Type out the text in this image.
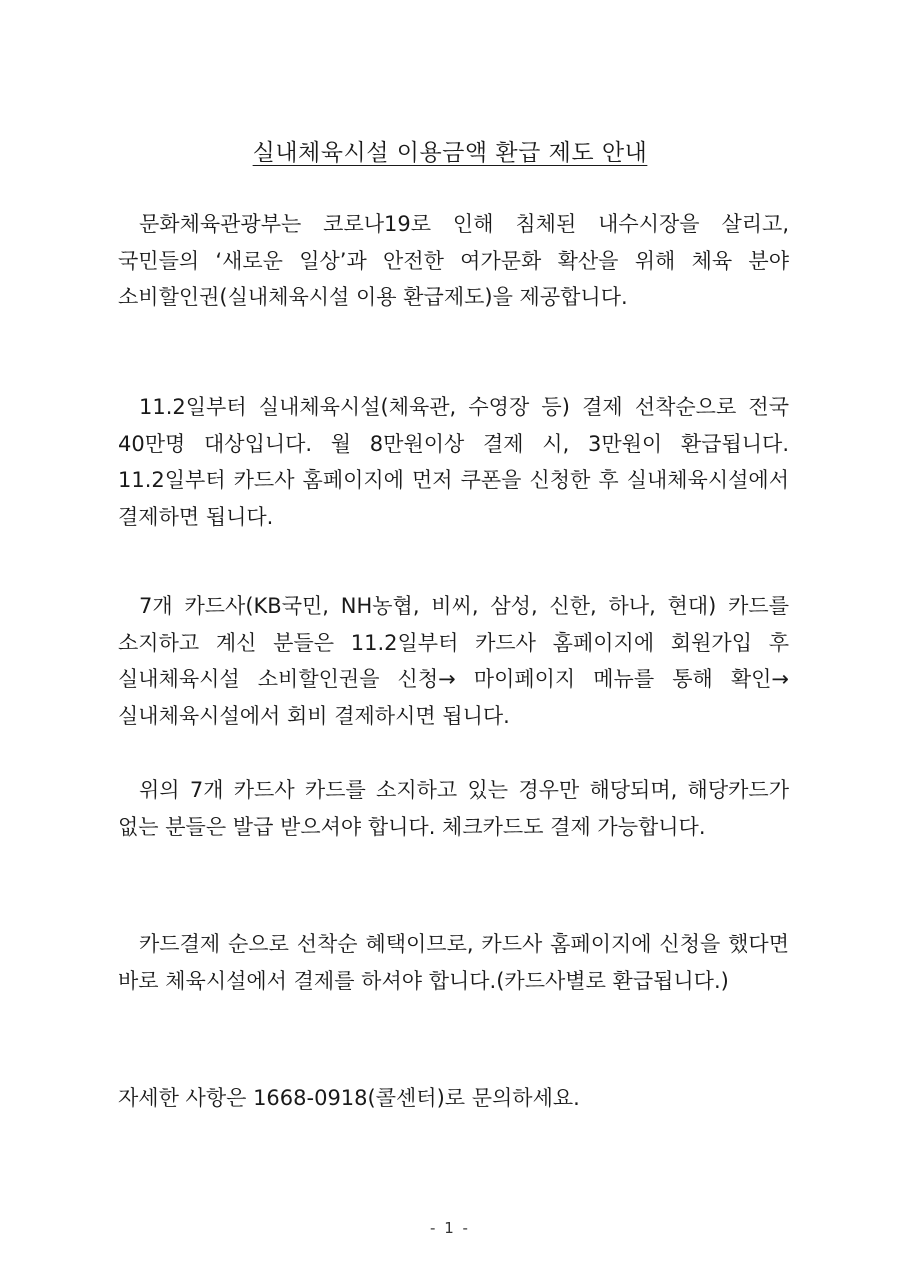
실내체육시설 이용금액 환급 제도 안내

문화체육관광부는 코로나19로 인해 침체된 내수시장을 살리고, 국민들의 ‘새로운 일상’과 안전한 여가문화 확산을 위해 체육 분야 소비할인권(실내체육시설 이용 환급제도)을 제공합니다.

11.2일부터 실내체육시설(체육관, 수영장 등) 결제 선착순으로 전국 40만명 대상입니다. 월 8만원이상 결제 시, 3만원이 환급됩니다. 11.2일부터 카드사 홈페이지에 먼저 쿠폰을 신청한 후 실내체육시설에서 결제하면 됩니다.

7개 카드사(KB국민, NH농협, 비씨, 삼성, 신한, 하나, 현대) 카드를 소지하고 계신 분들은 11.2일부터 카드사 홈페이지에 회원가입 후 실내체육시설 소비할인권을 신청→ 마이페이지 메뉴를 통해 확인→ 실내체육시설에서 회비 결제하시면 됩니다.

위의 7개 카드사 카드를 소지하고 있는 경우만 해당되며, 해당카드가 없는 분들은 발급 받으셔야 합니다. 체크카드도 결제 가능합니다.

카드결제 순으로 선착순 혜택이므로, 카드사 홈페이지에 신청을 했다면 바로 체육시설에서 결제를 하셔야 합니다.(카드사별로 환급됩니다.)

자세한 사항은 1668-0918(콜센터)로 문의하세요.

- 1 -
